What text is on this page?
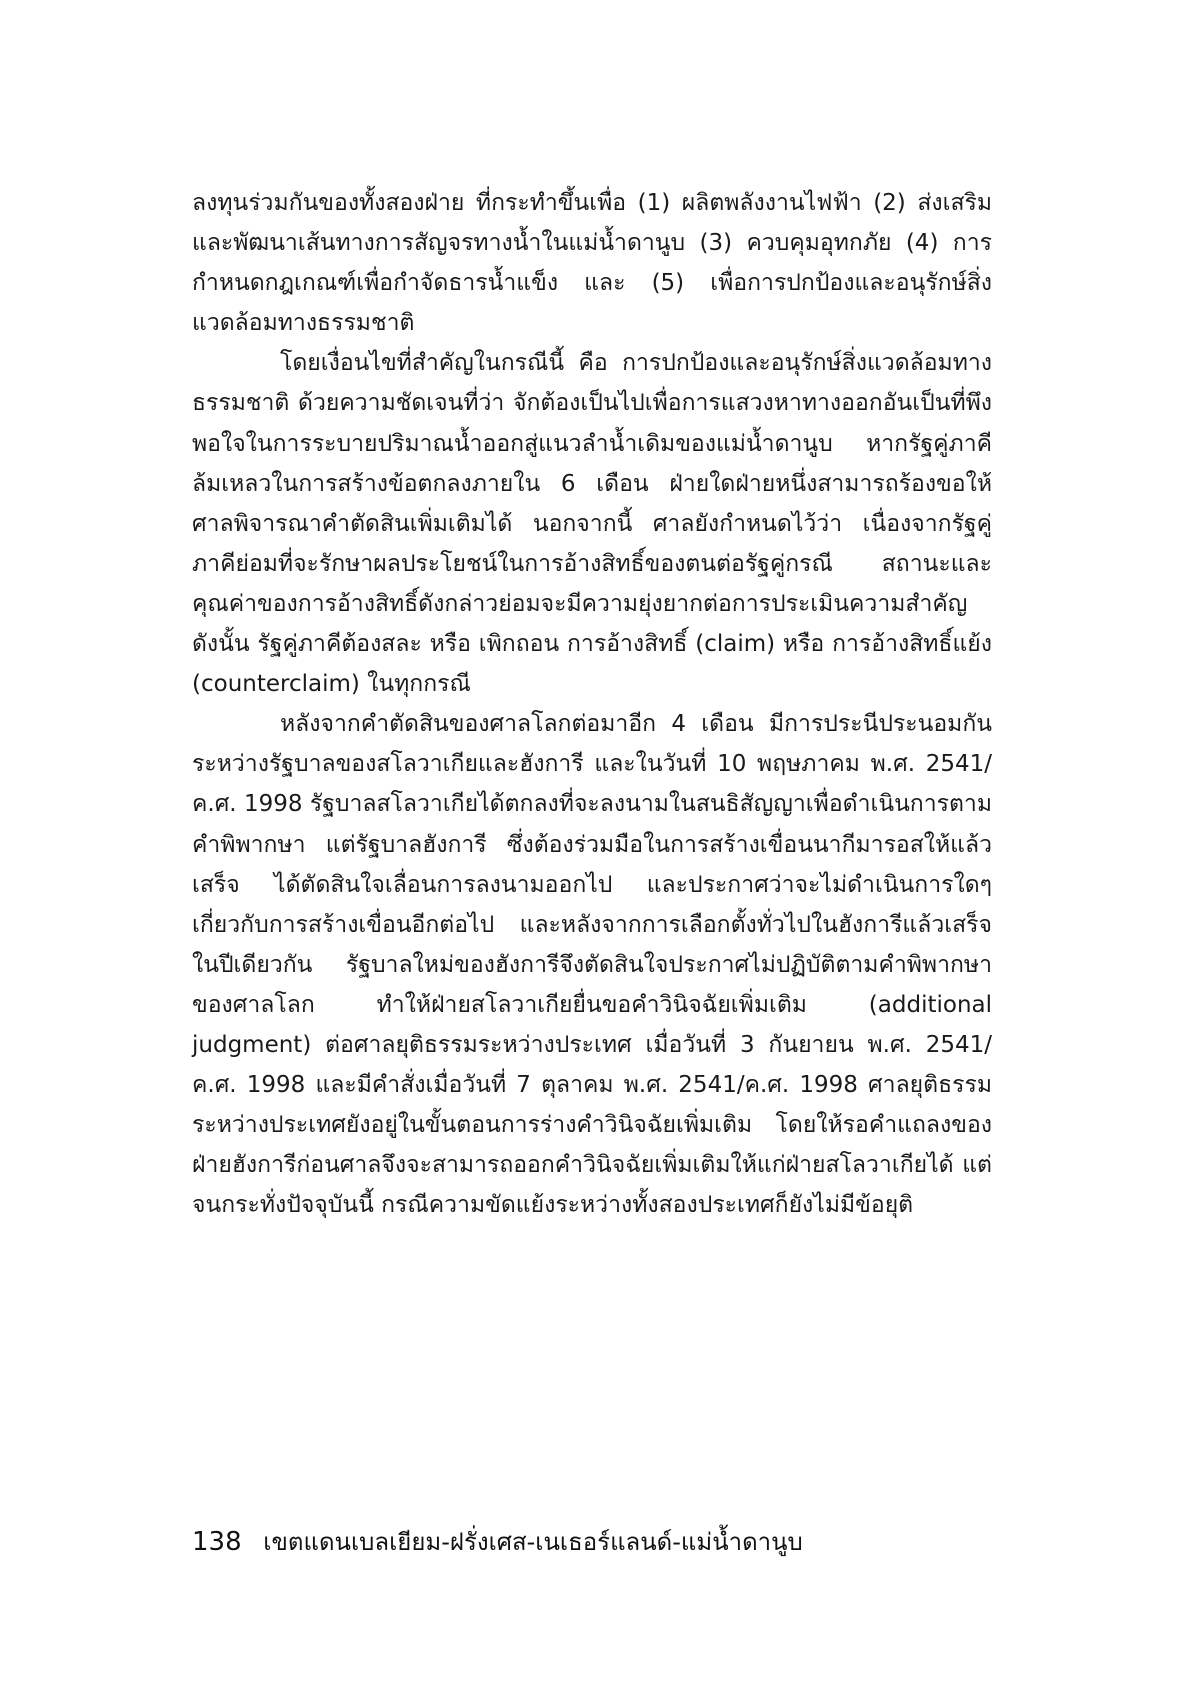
ลงทุนร่วมกันของทั้งสองฝ่าย ที่กระทำขึ้นเพื่อ (1) ผลิตพลังงานไฟฟ้า (2) ส่งเสริมและพัฒนาเส้นทางการสัญจรทางน้ำในแม่น้ำดานูบ (3) ควบคุมอุทกภัย (4) การกำหนดกฎเกณฑ์เพื่อกำจัดธารน้ำแข็ง และ (5) เพื่อการปกป้องและอนุรักษ์สิ่งแวดล้อมทางธรรมชาติ

โดยเงื่อนไขที่สำคัญในกรณีนี้ คือ การปกป้องและอนุรักษ์สิ่งแวดล้อมทางธรรมชาติ ด้วยความชัดเจนที่ว่า จักต้องเป็นไปเพื่อการแสวงหาทางออกอันเป็นที่พึงพอใจในการระบายปริมาณน้ำออกสู่แนวลำน้ำเดิมของแม่น้ำดานูบ หากรัฐคู่ภาคีล้มเหลวในการสร้างข้อตกลงภายใน 6 เดือน ฝ่ายใดฝ่ายหนึ่งสามารถร้องขอให้ศาลพิจารณาคำตัดสินเพิ่มเติมได้ นอกจากนี้ ศาลยังกำหนดไว้ว่า เนื่องจากรัฐคู่ภาคีย่อมที่จะรักษาผลประโยชน์ในการอ้างสิทธิ์ของตนต่อรัฐคู่กรณี สถานะและคุณค่าของการอ้างสิทธิ์ดังกล่าวย่อมจะมีความยุ่งยากต่อการประเมินความสำคัญ ดังนั้น รัฐคู่ภาคีต้องสละ หรือ เพิกถอน การอ้างสิทธิ์ (claim) หรือ การอ้างสิทธิ์แย้ง (counterclaim) ในทุกกรณี

หลังจากคำตัดสินของศาลโลกต่อมาอีก 4 เดือน มีการประนีประนอมกันระหว่างรัฐบาลของสโลวาเกียและฮังการี และในวันที่ 10 พฤษภาคม พ.ศ. 2541/ค.ศ. 1998 รัฐบาลสโลวาเกียได้ตกลงที่จะลงนามในสนธิสัญญาเพื่อดำเนินการตามคำพิพากษา แต่รัฐบาลฮังการี ซึ่งต้องร่วมมือในการสร้างเขื่อนนากีมารอสให้แล้วเสร็จ ได้ตัดสินใจเลื่อนการลงนามออกไป และประกาศว่าจะไม่ดำเนินการใดๆ เกี่ยวกับการสร้างเขื่อนอีกต่อไป และหลังจากการเลือกตั้งทั่วไปในฮังการีแล้วเสร็จในปีเดียวกัน รัฐบาลใหม่ของฮังการีจึงตัดสินใจประกาศไม่ปฏิบัติตามคำพิพากษาของศาลโลก ทำให้ฝ่ายสโลวาเกียยื่นขอคำวินิจฉัยเพิ่มเติม (additional judgment) ต่อศาลยุติธรรมระหว่างประเทศ เมื่อวันที่ 3 กันยายน พ.ศ. 2541/ค.ศ. 1998 และมีคำสั่งเมื่อวันที่ 7 ตุลาคม พ.ศ. 2541/ค.ศ. 1998 ศาลยุติธรรมระหว่างประเทศยังอยู่ในขั้นตอนการร่างคำวินิจฉัยเพิ่มเติม โดยให้รอคำแถลงของฝ่ายฮังการีก่อนศาลจึงจะสามารถออกคำวินิจฉัยเพิ่มเติมให้แก่ฝ่ายสโลวาเกียได้ แต่จนกระทั่งปัจจุบันนี้ กรณีความขัดแย้งระหว่างทั้งสองประเทศก็ยังไม่มีข้อยุติ

138 เขตแดนเบลเยียม-ฝรั่งเศส-เนเธอร์แลนด์-แม่น้ำดานูบ
